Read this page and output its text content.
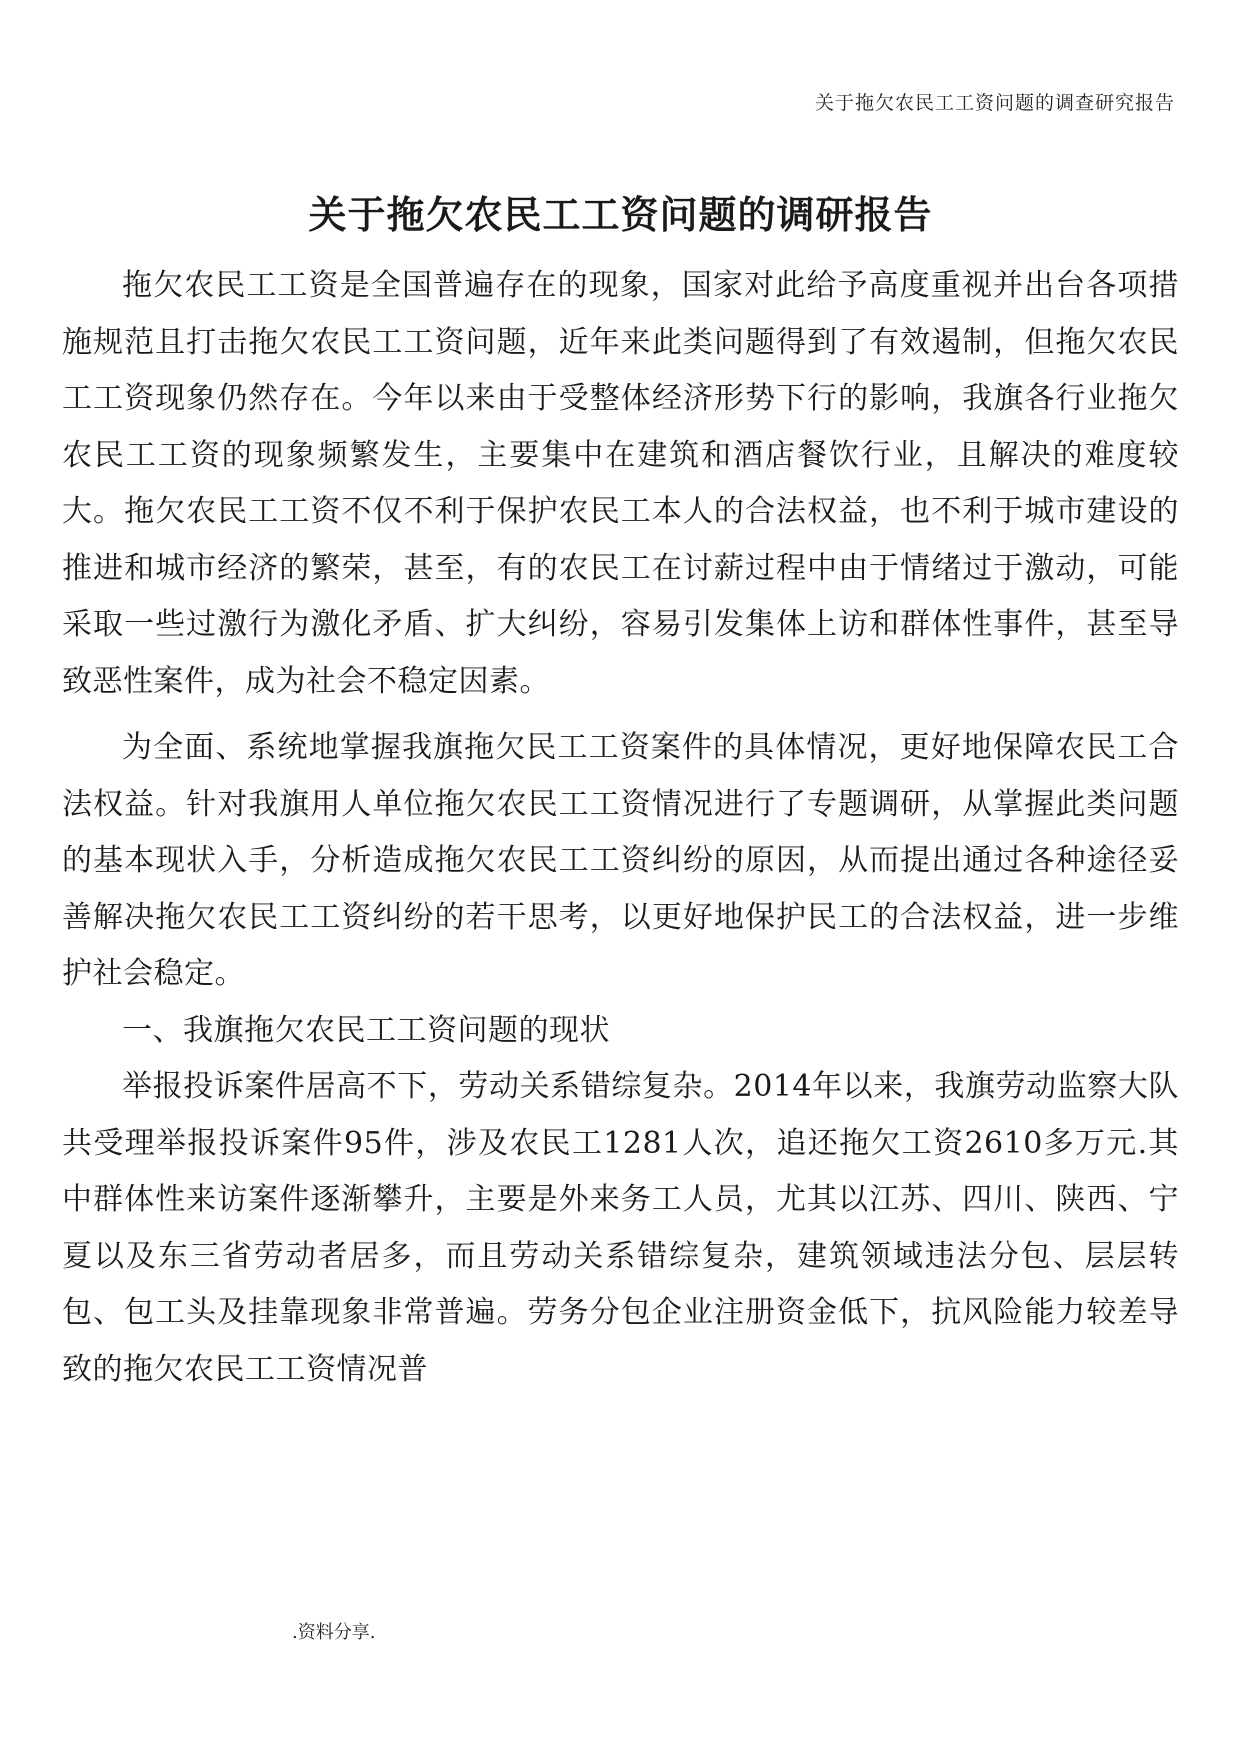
关于拖欠农民工工资问题的调查研究报告
关于拖欠农民工工资问题的调研报告

拖欠农民工工资是全国普遍存在的现象，国家对此给予高度重视并出台各项措施规范且打击拖欠农民工工资问题，近年来此类问题得到了有效遏制，但拖欠农民工工资现象仍然存在。今年以来由于受整体经济形势下行的影响，我旗各行业拖欠农民工工资的现象频繁发生，主要集中在建筑和酒店餐饮行业，且解决的难度较大。拖欠农民工工资不仅不利于保护农民工本人的合法权益，也不利于城市建设的推进和城市经济的繁荣，甚至，有的农民工在讨薪过程中由于情绪过于激动，可能采取一些过激行为激化矛盾、扩大纠纷，容易引发集体上访和群体性事件，甚至导致恶性案件，成为社会不稳定因素。

为全面、系统地掌握我旗拖欠民工工资案件的具体情况，更好地保障农民工合法权益。针对我旗用人单位拖欠农民工工资情况进行了专题调研，从掌握此类问题的基本现状入手，分析造成拖欠农民工工资纠纷的原因，从而提出通过各种途径妥善解决拖欠农民工工资纠纷的若干思考，以更好地保护民工的合法权益，进一步维护社会稳定。

一、我旗拖欠农民工工资问题的现状

举报投诉案件居高不下，劳动关系错综复杂。2014年以来，我旗劳动监察大队共受理举报投诉案件95件，涉及农民工1281人次，追还拖欠工资2610多万元.其中群体性来访案件逐渐攀升，主要是外来务工人员，尤其以江苏、四川、陕西、宁夏以及东三省劳动者居多，而且劳动关系错综复杂，建筑领域违法分包、层层转包、包工头及挂靠现象非常普遍。劳务分包企业注册资金低下，抗风险能力较差导致的拖欠农民工工资情况普

.资料分享.
